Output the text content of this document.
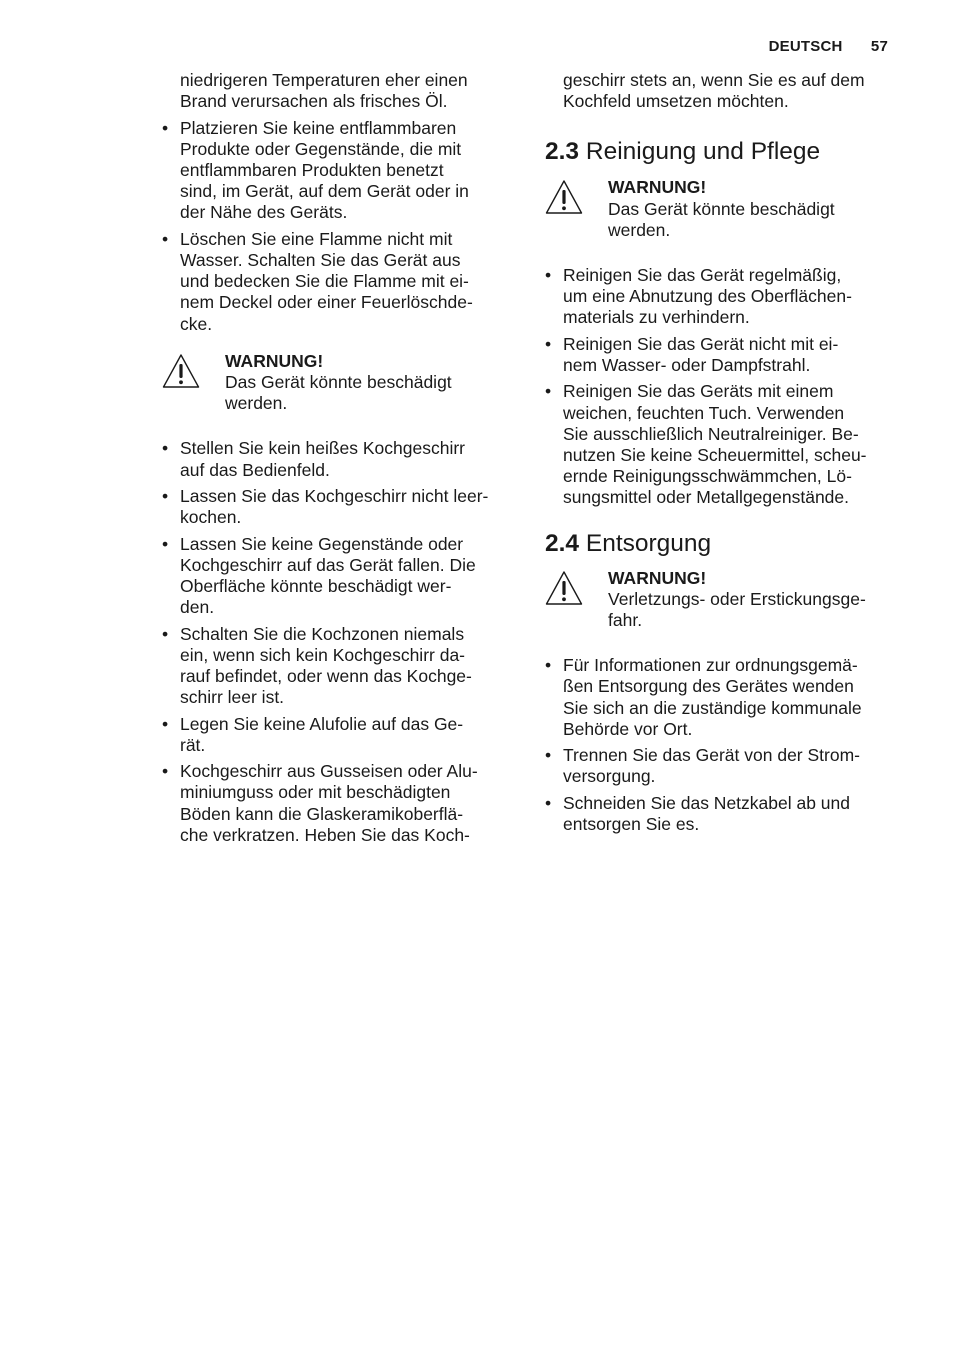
DEUTSCH 57
niedrigeren Temperaturen eher einen
Brand verursachen als frisches Öl.
• Platzieren Sie keine entflammbaren
Produkte oder Gegenstände, die mit
entflammbaren Produkten benetzt
sind, im Gerät, auf dem Gerät oder in
der Nähe des Geräts.
• Löschen Sie eine Flamme nicht mit
Wasser. Schalten Sie das Gerät aus
und bedecken Sie die Flamme mit ei-
nem Deckel oder einer Feuerlöschde-
cke.
WARNUNG!
Das Gerät könnte beschädigt
werden.
• Stellen Sie kein heißes Kochgeschirr
auf das Bedienfeld.
• Lassen Sie das Kochgeschirr nicht leer-
kochen.
• Lassen Sie keine Gegenstände oder
Kochgeschirr auf das Gerät fallen. Die
Oberfläche könnte beschädigt wer-
den.
• Schalten Sie die Kochzonen niemals
ein, wenn sich kein Kochgeschirr da-
rauf befindet, oder wenn das Kochge-
schirr leer ist.
• Legen Sie keine Alufolie auf das Ge-
rät.
• Kochgeschirr aus Gusseisen oder Alu-
miniumguss oder mit beschädigten
Böden kann die Glaskeramikoberflä-
che verkratzen. Heben Sie das Koch-
geschirr stets an, wenn Sie es auf dem
Kochfeld umsetzen möchten.
2.3 Reinigung und Pflege
WARNUNG!
Das Gerät könnte beschädigt
werden.
• Reinigen Sie das Gerät regelmäßig,
um eine Abnutzung des Oberflächen-
materials zu verhindern.
• Reinigen Sie das Gerät nicht mit ei-
nem Wasser- oder Dampfstrahl.
• Reinigen Sie das Geräts mit einem
weichen, feuchten Tuch. Verwenden
Sie ausschließlich Neutralreiniger. Be-
nutzen Sie keine Scheuermittel, scheu-
ernde Reinigungsschwämmchen, Lö-
sungsmittel oder Metallgegenstände.
2.4 Entsorgung
WARNUNG!
Verletzungs- oder Erstickungsge-
fahr.
• Für Informationen zur ordnungsgemä-
ßen Entsorgung des Gerätes wenden
Sie sich an die zuständige kommunale
Behörde vor Ort.
• Trennen Sie das Gerät von der Strom-
versorgung.
• Schneiden Sie das Netzkabel ab und
entsorgen Sie es.
